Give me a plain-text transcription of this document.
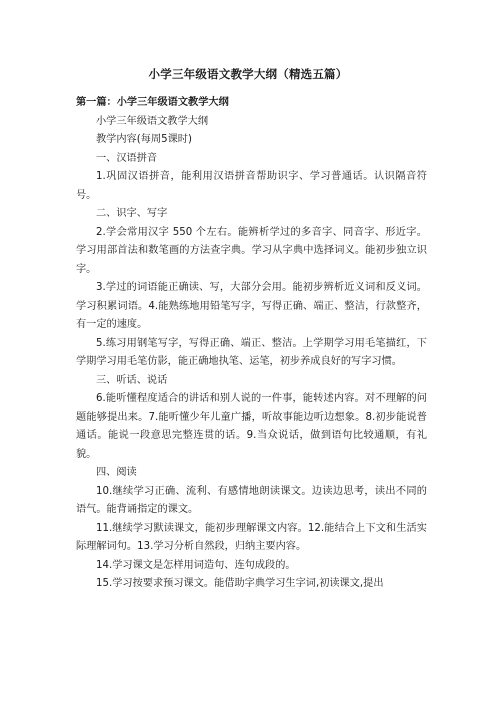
小学三年级语文教学大纲（精选五篇）

第一篇：小学三年级语文教学大纲

小学三年级语文教学大纲

教学内容(每周5课时)

一、汉语拼音

1.巩固汉语拼音，能利用汉语拼音帮助识字、学习普通话。认识隔音符号。

二、识字、写字

2.学会常用汉字 550 个左右。能辨析学过的多音字、同音字、形近字。学习用部首法和数笔画的方法查字典。学习从字典中选择词义。能初步独立识字。

3.学过的词语能正确读、写，大部分会用。能初步辨析近义词和反义词。学习积累词语。4.能熟练地用铅笔写字，写得正确、端正、整洁，行款整齐，有一定的速度。

5.练习用钢笔写字，写得正确、端正、整洁。上学期学习用毛笔描红，下学期学习用毛笔仿影，能正确地执笔、运笔，初步养成良好的写字习惯。

三、听话、说话

6.能听懂程度适合的讲话和别人说的一件事，能转述内容。对不理解的问题能够提出来。7.能听懂少年儿童广播，听故事能边听边想象。8.初步能说普通话。能说一段意思完整连贯的话。9.当众说话，做到语句比较通顺，有礼貌。

四、阅读

10.继续学习正确、流利、有感情地朗读课文。边读边思考，读出不同的语气。能背诵指定的课文。

11.继续学习默读课文，能初步理解课文内容。12.能结合上下文和生活实际理解词句。13.学习分析自然段，归纳主要内容。

14.学习课文是怎样用词造句、连句成段的。

15.学习按要求预习课文。能借助字典学习生字词,初读课文,提出
